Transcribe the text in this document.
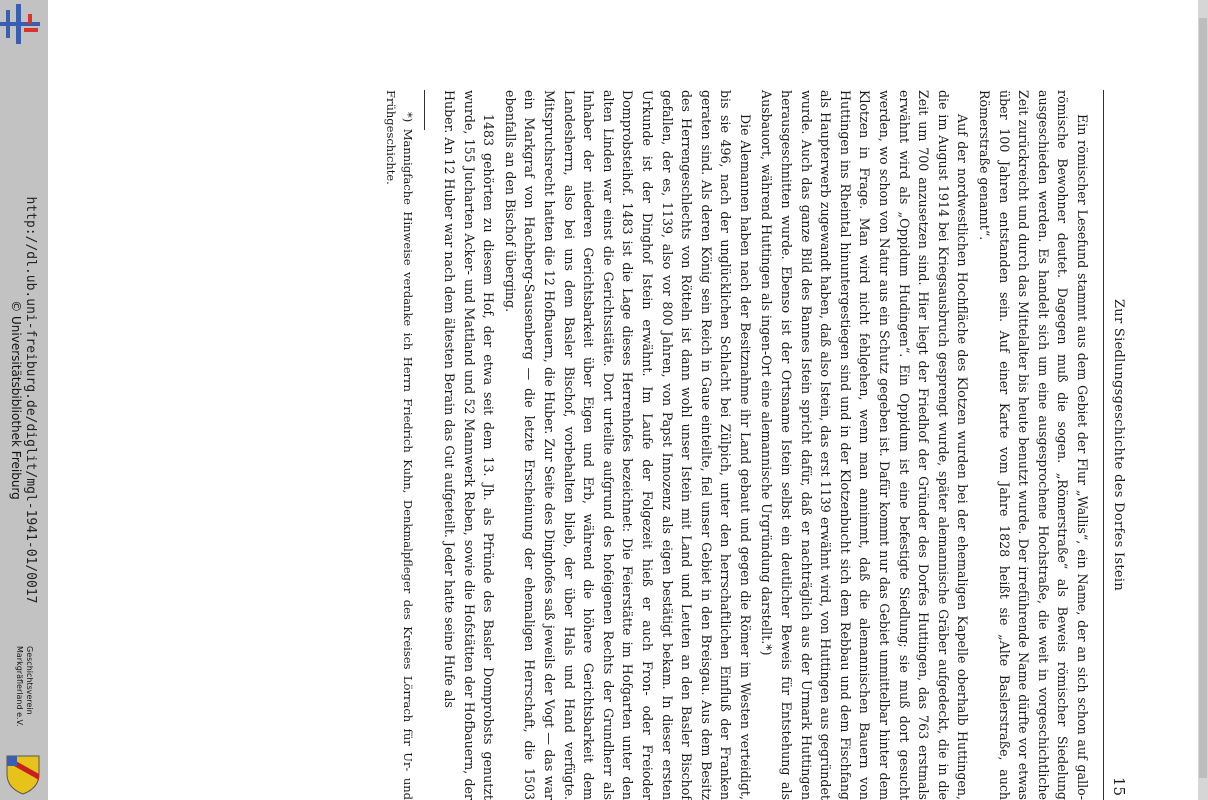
http://dl.ub.uni-freiburg.de/diglit/mgl-1941-01/0017
© Universitätsbibliothek Freiburg
Geschichtsverein
Markgräflerland e.V.
Zur Siedlungsgeschichte des Dorfes Istein
15

Ein römischer Lesefund stammt aus dem Gebiet der Flur „Wallis“, ein Name, der an sich schon auf gallo-römische Bewohner deutet. Dagegen muß die sogen. „Römerstraße“ als Beweis römischer Siedelung ausgeschieden werden. Es handelt sich um eine ausgesprochene Hochstraße, die weit in vorgeschichtliche Zeit zurückreicht und durch das Mittelalter bis heute benutzt wurde. Der irreführende Name dürfte vor etwas über 100 Jahren entstanden sein. Auf einer Karte vom Jahre 1828 heißt sie „Alte Baslerstraße, auch Römerstraße genannt“.

Auf der nordwestlichen Hochfläche des Klotzen wurden bei der ehemaligen Kapelle oberhalb Huttingen, die im August 1914 bei Kriegsausbruch gesprengt wurde, später alemannische Gräber aufgedeckt, die in die Zeit um 700 anzusetzen sind. Hier liegt der Friedhof der Gründer des Dorfes Huttingen, das 763 erstmals erwähnt wird als „Oppidum Hudingen“. Ein Oppidum ist eine befestigte Siedlung; sie muß dort gesucht werden, wo schon von Natur aus ein Schutz gegeben ist. Dafür kommt nur das Gebiet unmittelbar hinter dem Klotzen in Frage. Man wird nicht fehlgehen, wenn man annimmt, daß die alemannischen Bauern von Huttingen ins Rheintal hinuntergestiegen sind und in der Klotzenbucht sich dem Rebbau und dem Fischfang als Haupterwerb zugewandt haben, daß also Istein, das erst 1139 erwähnt wird, von Huttingen aus gegründet wurde. Auch das ganze Bild des Bannes Istein spricht dafür, daß er nachträglich aus der Urmark Huttingen herausgeschnitten wurde. Ebenso ist der Ortsname Istein selbst ein deutlicher Beweis für Entstehung als Ausbauort, während Huttingen als ingen-Ort eine alemannische Urgründung darstellt.*)

Die Alemannen haben nach der Besitznahme ihr Land gebaut und gegen die Römer im Westen verteidigt, bis sie 496, nach der unglücklichen Schlacht bei Zülpich, unter den herrschaftlichen Einfluß der Franken geraten sind. Als deren König sein Reich in Gaue einteilte, fiel unser Gebiet in den Breisgau. Aus dem Besitz des Herrengeschlechts von Rötteln ist dann wohl unser Istein mit Land und Leuten an den Basler Bischof gefallen, der es, 1139, also vor 800 Jahren, von Papst Innozenz als eigen bestätigt bekam. In dieser ersten Urkunde ist der Dinghof Istein erwähnt. Im Laufe der Folgezeit hieß er auch Fron- oder Freioder Domprobsteihof. 1483 ist die Lage dieses Herrenhofes bezeichnet: Die Feierstätte im Hofgarten unter den alten Linden war einst die Gerichtsstätte. Dort urteilte aufgrund des hofeigenen Rechts der Grundherr als Inhaber der niederen Gerichtsbarkeit über Eigen und Erb, während die höhere Gerichtsbarkeit dem Landesherrn, also bei uns dem Basler Bischof, vorbehalten blieb, der über Hals und Hand verfügte. Mitspruchsrecht hatten die 12 Hofbauern, die Huber. Zur Seite des Dinghofes saß jeweils der Vogt — das war ein Markgraf von Hachberg-Sausenberg — die letzte Erscheinung der ehemaligen Herrschaft, die 1503 ebenfalls an den Bischof überging.

1483 gehörten zu diesem Hof, der etwa seit dem 13. Jh. als Pfründe des Basler Domprobsts genutzt wurde, 155 Jucharten Acker- und Mattland und 52 Mannwerk Reben, sowie die Hofstätten der Hofbauern, der Huber. An 12 Huber war nach dem ältesten Berain das Gut aufgeteilt. Jeder hatte seine Hufe als

*) Mannigfache Hinweise verdanke ich Herrn Friedrich Kuhn, Denkmalpfleger des Kreises Lörrach für Ur- und Frühgeschichte.
